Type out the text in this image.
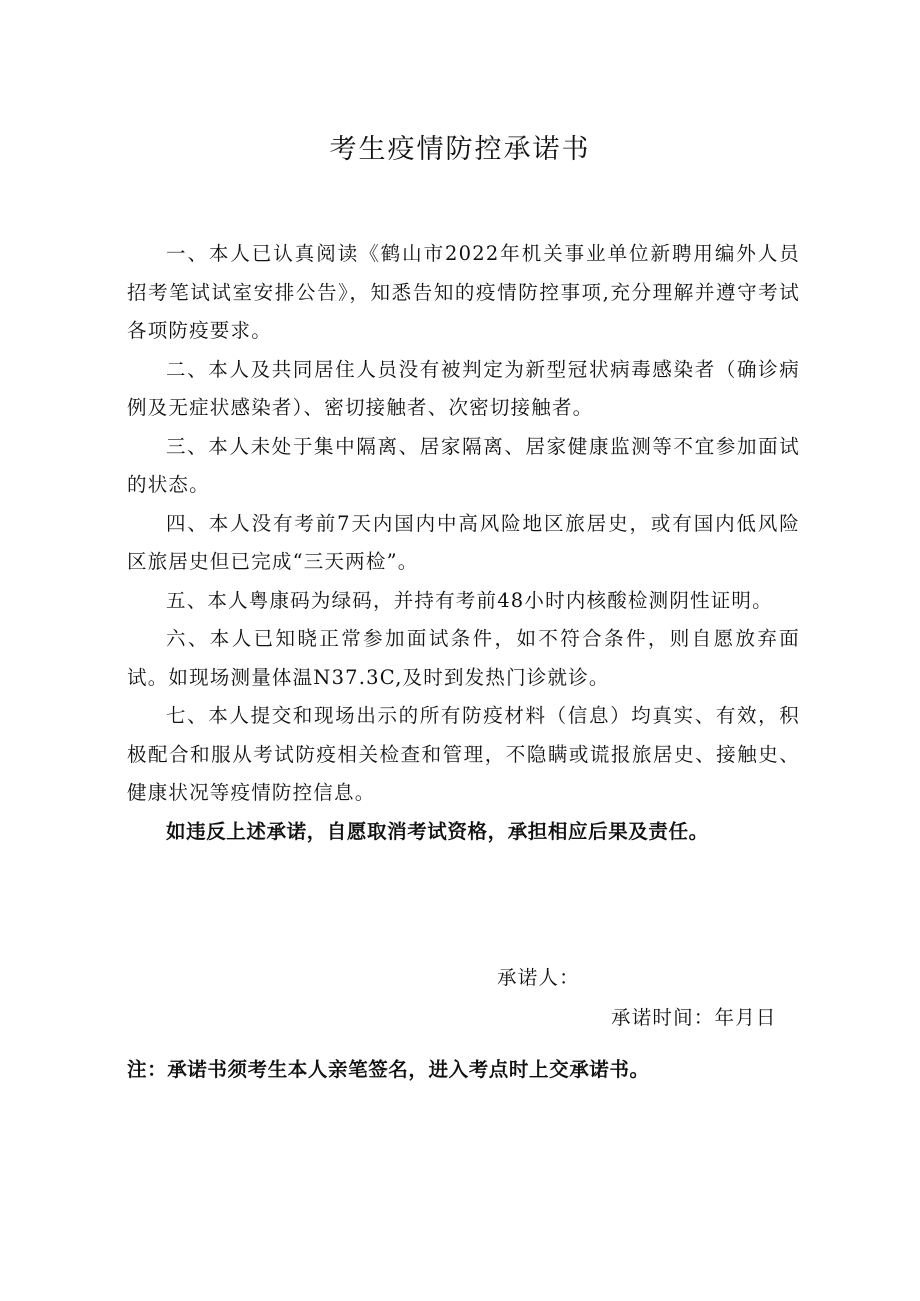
考生疫情防控承诺书

一、本人已认真阅读《鹤山市2022年机关事业单位新聘用编外人员招考笔试试室安排公告》，知悉告知的疫情防控事项,充分理解并遵守考试各项防疫要求。

二、本人及共同居住人员没有被判定为新型冠状病毒感染者（确诊病例及无症状感染者）、密切接触者、次密切接触者。

三、本人未处于集中隔离、居家隔离、居家健康监测等不宜参加面试的状态。

四、本人没有考前7天内国内中高风险地区旅居史，或有国内低风险区旅居史但已完成“三天两检”。

五、本人粤康码为绿码，并持有考前48小时内核酸检测阴性证明。

六、本人已知晓正常参加面试条件，如不符合条件，则自愿放弃面试。如现场测量体温N37.3C,及时到发热门诊就诊。

七、本人提交和现场出示的所有防疫材料（信息）均真实、有效，积极配合和服从考试防疫相关检查和管理，不隐瞒或谎报旅居史、接触史、健康状况等疫情防控信息。

如违反上述承诺，自愿取消考试资格，承担相应后果及责任。

承诺人：
承诺时间：年月日
注：承诺书须考生本人亲笔签名，进入考点时上交承诺书。
